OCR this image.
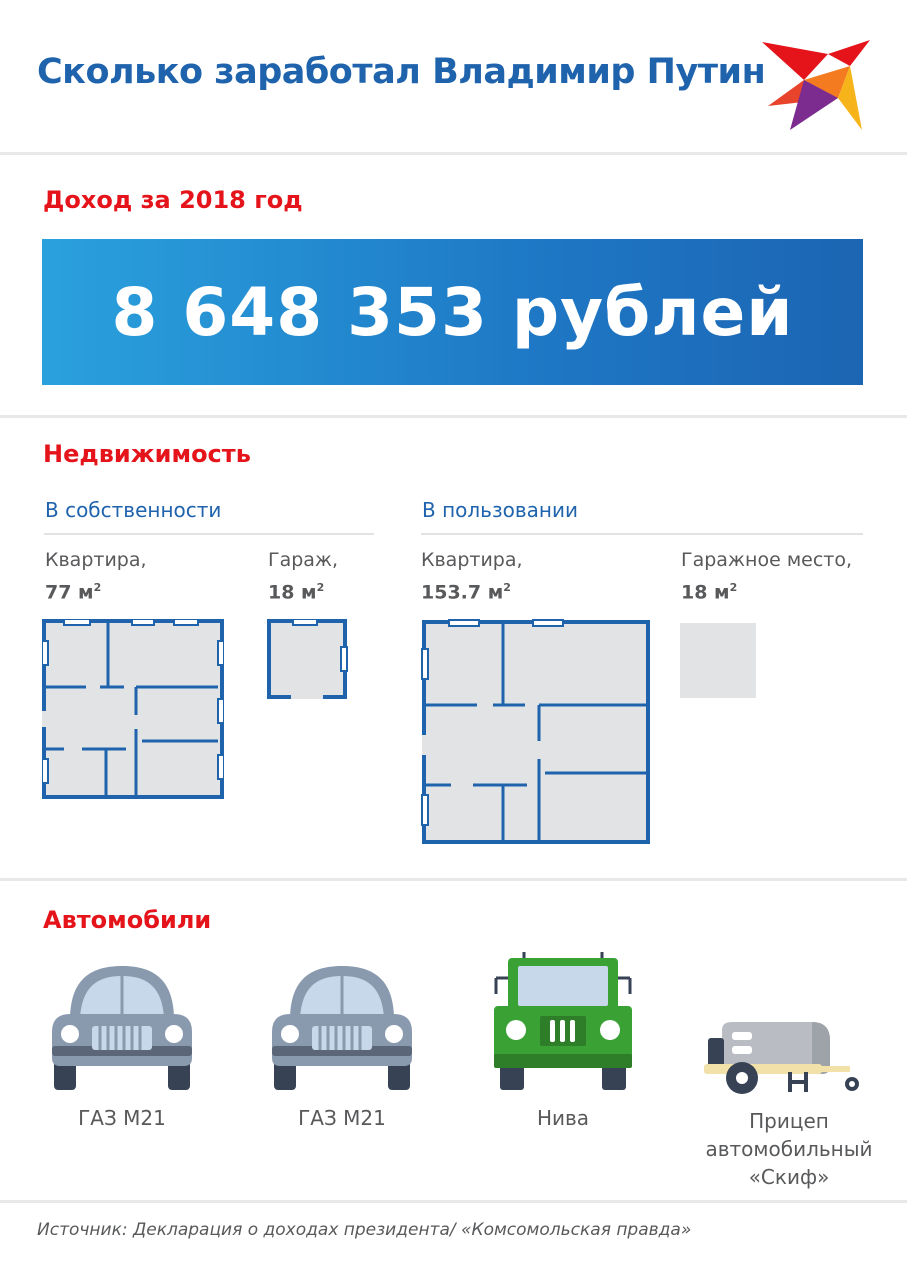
Сколько заработал Владимир Путин
Доход за 2018 год
8 648 353 рублей
Недвижимость
В собственности	В пользовании
Квартира,
77 $м^2$
Гараж,
18 $м^2$
Квартира,
153.7 $м^2$
Гаражное место,
18 $м^2$
Автомобили
ГАЗ М21	ГАЗ М21	Нива	Прицеп
автомобильный
«Скиф»
Источник: Декларация о доходах президента/ «Комсомольская правда»
